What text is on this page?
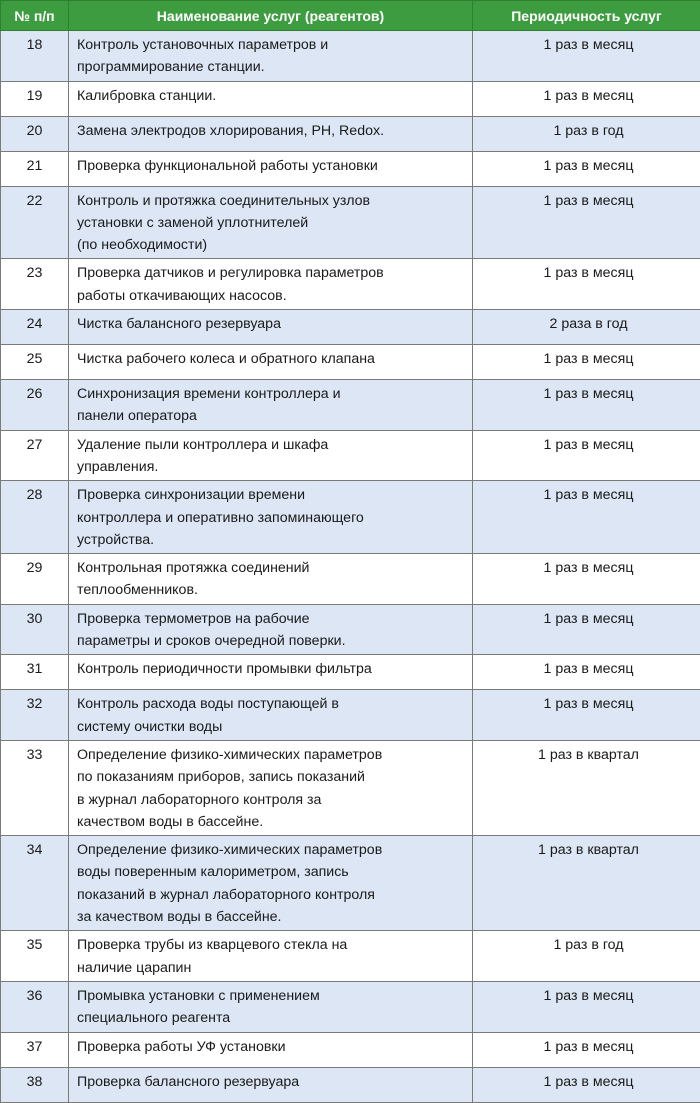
№ п/п	Наименование услуг (реагентов)	Периодичность услуг
18	Контроль установочных параметров и
программирование станции.	1 раз в месяц
19	Калибровка станции.	1 раз в месяц
20	Замена электродов хлорирования, PH, Redox.	1 раз в год
21	Проверка функциональной работы установки	1 раз в месяц
22	Контроль и протяжка соединительных узлов
установки с заменой уплотнителей
(по необходимости)	1 раз в месяц
23	Проверка датчиков и регулировка параметров
работы откачивающих насосов.	1 раз в месяц
24	Чистка балансного резервуара	2 раза в год
25	Чистка рабочего колеса и обратного клапана	1 раз в месяц
26	Синхронизация времени контроллера и
панели оператора	1 раз в месяц
27	Удаление пыли контроллера и шкафа
управления.	1 раз в месяц
28	Проверка синхронизации времени
контроллера и оперативно запоминающего
устройства.	1 раз в месяц
29	Контрольная протяжка соединений
теплообменников.	1 раз в месяц
30	Проверка термометров на рабочие
параметры и сроков очередной поверки.	1 раз в месяц
31	Контроль периодичности промывки фильтра	1 раз в месяц
32	Контроль расхода воды поступающей в
систему очистки воды	1 раз в месяц
33	Определение физико-химических параметров
по показаниям приборов, запись показаний
в журнал лабораторного контроля за
качеством воды в бассейне.	1 раз в квартал
34	Определение физико-химических параметров
воды поверенным калориметром, запись
показаний в журнал лабораторного контроля
за качеством воды в бассейне.	1 раз в квартал
35	Проверка трубы из кварцевого стекла на
наличие царапин	1 раз в год
36	Промывка установки с применением
специального реагента	1 раз в месяц
37	Проверка работы УФ установки	1 раз в месяц
38	Проверка балансного резервуара	1 раз в месяц
